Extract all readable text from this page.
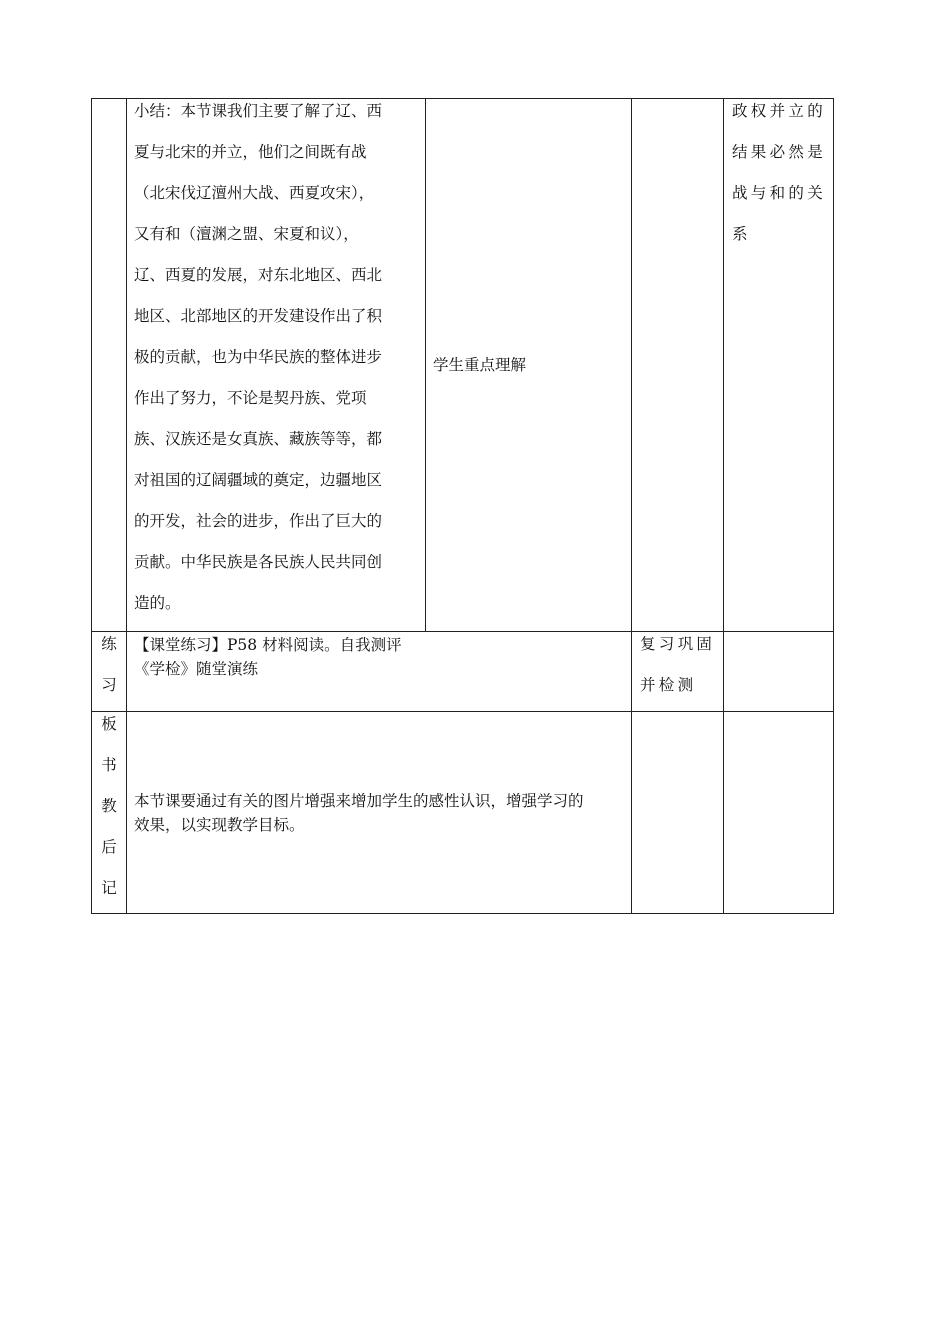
小结：本节课我们主要了解了辽、西
夏与北宋的并立，他们之间既有战
（北宋伐辽澶州大战、西夏攻宋），
又有和（澶渊之盟、宋夏和议），
辽、西夏的发展，对东北地区、西北
地区、北部地区的开发建设作出了积
极的贡献，也为中华民族的整体进步
作出了努力，不论是契丹族、党项
族、汉族还是女真族、藏族等等，都
对祖国的辽阔疆域的奠定，边疆地区
的开发，社会的进步，作出了巨大的
贡献。中华民族是各民族人民共同创
造的。
学生重点理解
政权并立的
结果必然是
战与和的关
系
练
习
【课堂练习】P58 材料阅读。自我测评
《学检》随堂演练
复习巩固
并检测
板
书
教
后
记
本节课要通过有关的图片增强来增加学生的感性认识，增强学习的
效果，以实现教学目标。
